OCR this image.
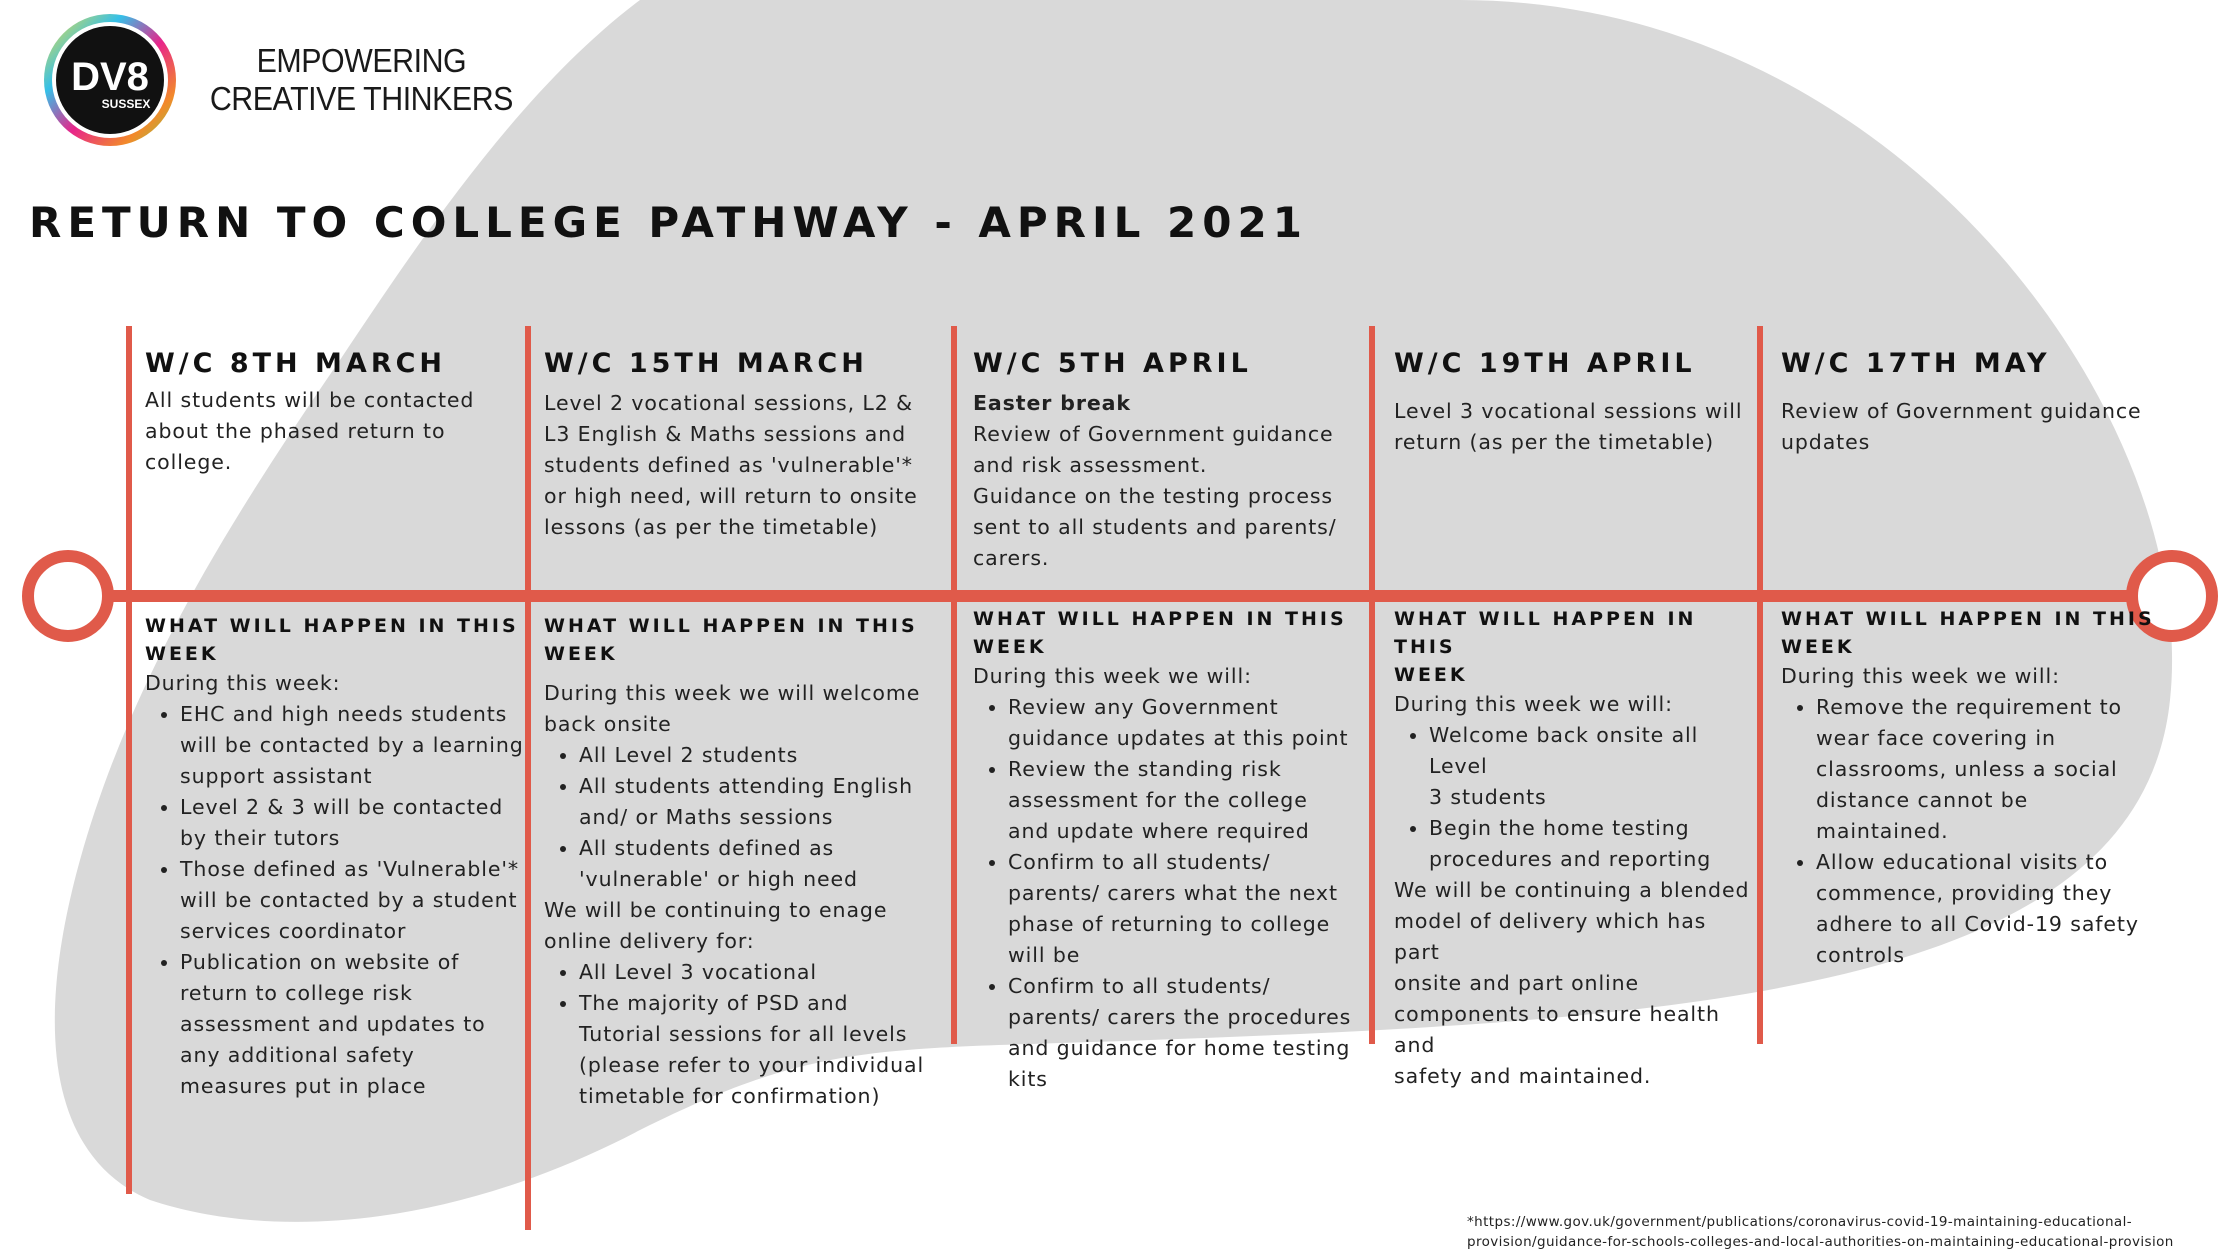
DV8
SUSSEX
EMPOWERING
CREATIVE THINKERS
RETURN TO COLLEGE PATHWAY - APRIL 2021
W/C 8TH MARCH
All students will be contacted
about the phased return to
college.
WHAT WILL HAPPEN IN THIS
WEEK
During this week:
• EHC and high needs students
will be contacted by a learning
support assistant
• Level 2 & 3 will be contacted
by their tutors
• Those defined as 'Vulnerable'*
will be contacted by a student
services coordinator
• Publication on website of
return to college risk
assessment and updates to
any additional safety
measures put in place
W/C 15TH MARCH
Level 2 vocational sessions, L2 &
L3 English & Maths sessions and
students defined as 'vulnerable'*
or high need, will return to onsite
lessons (as per the timetable)
WHAT WILL HAPPEN IN THIS
WEEK
During this week we will welcome
back onsite
• All Level 2 students
• All students attending English
and/ or Maths sessions
• All students defined as
'vulnerable' or high need
We will be continuing to enage
online delivery for:
• All Level 3 vocational
• The majority of PSD and
Tutorial sessions for all levels
(please refer to your individual
timetable for confirmation)
W/C 5TH APRIL
Easter break
Review of Government guidance
and risk assessment.
Guidance on the testing process
sent to all students and parents/
carers.
WHAT WILL HAPPEN IN THIS
WEEK
During this week we will:
• Review any Government
guidance updates at this point
• Review the standing risk
assessment for the college
and update where required
• Confirm to all students/
parents/ carers what the next
phase of returning to college
will be
• Confirm to all students/
parents/ carers the procedures
and guidance for home testing
kits
W/C 19TH APRIL
Level 3 vocational sessions will
return (as per the timetable)
WHAT WILL HAPPEN IN THIS
WEEK
During this week we will:
• Welcome back onsite all Level
3 students
• Begin the home testing
procedures and reporting
We will be continuing a blended
model of delivery which has part
onsite and part online
components to ensure health and
safety and maintained.
W/C 17TH MAY
Review of Government guidance
updates
WHAT WILL HAPPEN IN THIS
WEEK
During this week we will:
• Remove the requirement to
wear face covering in
classrooms, unless a social
distance cannot be
maintained.
• Allow educational visits to
commence, providing they
adhere to all Covid-19 safety
controls
*https://www.gov.uk/government/publications/coronavirus-covid-19-maintaining-educational-
provision/guidance-for-schools-colleges-and-local-authorities-on-maintaining-educational-provision
